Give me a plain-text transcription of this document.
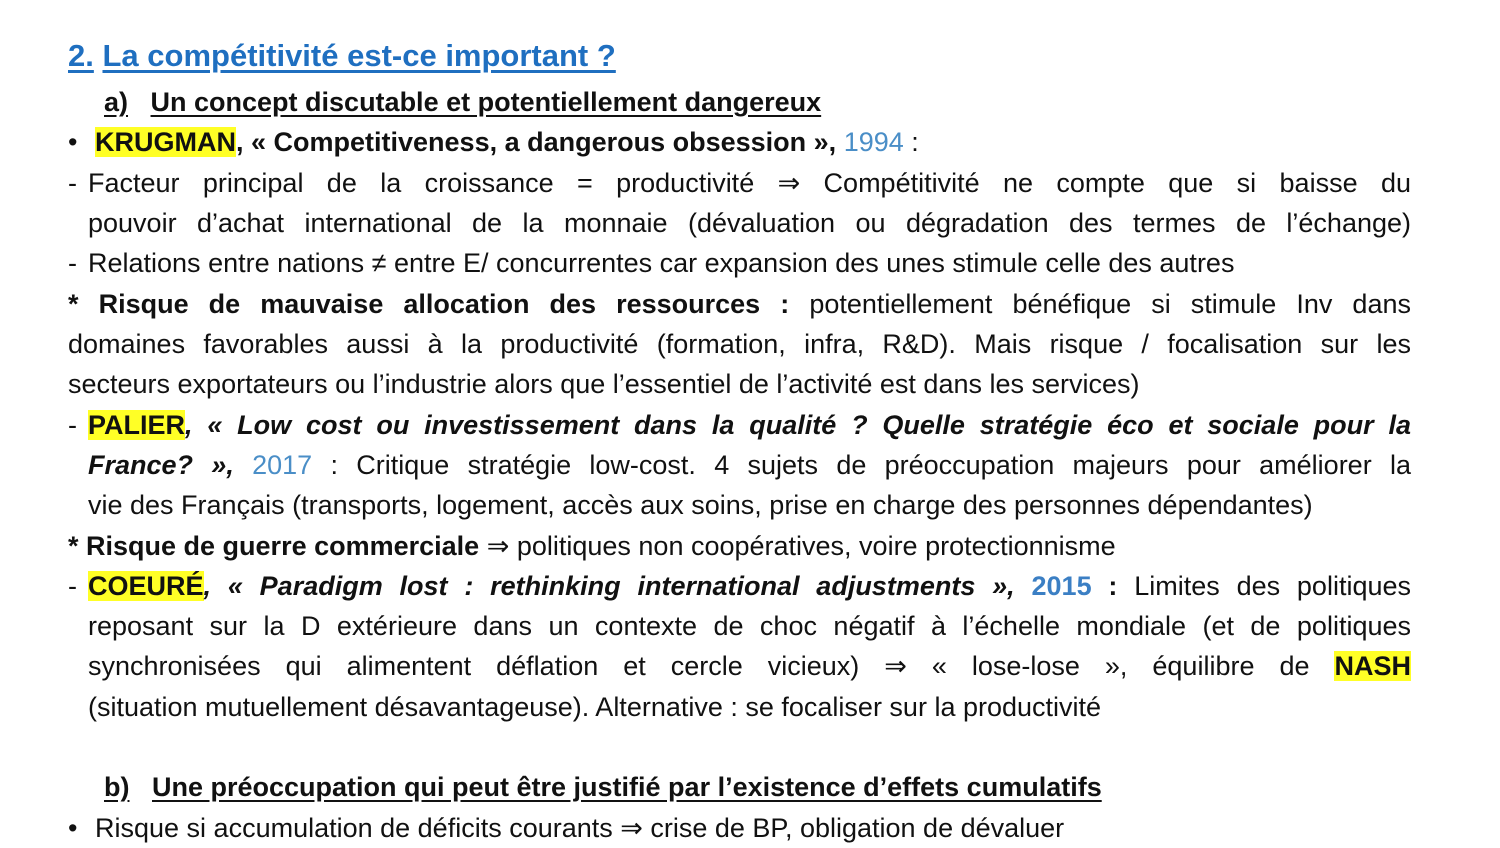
2. La compétitivité est-ce important ?
a) Un concept discutable et potentiellement dangereux
• KRUGMAN, « Competitiveness, a dangerous obsession », 1994 :
- Facteur principal de la croissance = productivité ⇒ Compétitivité ne compte que si baisse du
pouvoir d’achat international de la monnaie (dévaluation ou dégradation des termes de l’échange)
- Relations entre nations ≠ entre E/ concurrentes car expansion des unes stimule celle des autres
* Risque de mauvaise allocation des ressources : potentiellement bénéfique si stimule Inv dans
domaines favorables aussi à la productivité (formation, infra, R&D). Mais risque / focalisation sur les
secteurs exportateurs ou l’industrie alors que l’essentiel de l’activité est dans les services)
- PALIER, « Low cost ou investissement dans la qualité ? Quelle stratégie éco et sociale pour la
France? », 2017 : Critique stratégie low-cost. 4 sujets de préoccupation majeurs pour améliorer la
vie des Français (transports, logement, accès aux soins, prise en charge des personnes dépendantes)
* Risque de guerre commerciale ⇒ politiques non coopératives, voire protectionnisme
- COEURÉ, « Paradigm lost : rethinking international adjustments », 2015 : Limites des politiques
reposant sur la D extérieure dans un contexte de choc négatif à l’échelle mondiale (et de politiques
synchronisées qui alimentent déflation et cercle vicieux) ⇒ « lose-lose », équilibre de NASH
(situation mutuellement désavantageuse). Alternative : se focaliser sur la productivité
b) Une préoccupation qui peut être justifié par l’existence d’effets cumulatifs
• Risque si accumulation de déficits courants ⇒ crise de BP, obligation de dévaluer
